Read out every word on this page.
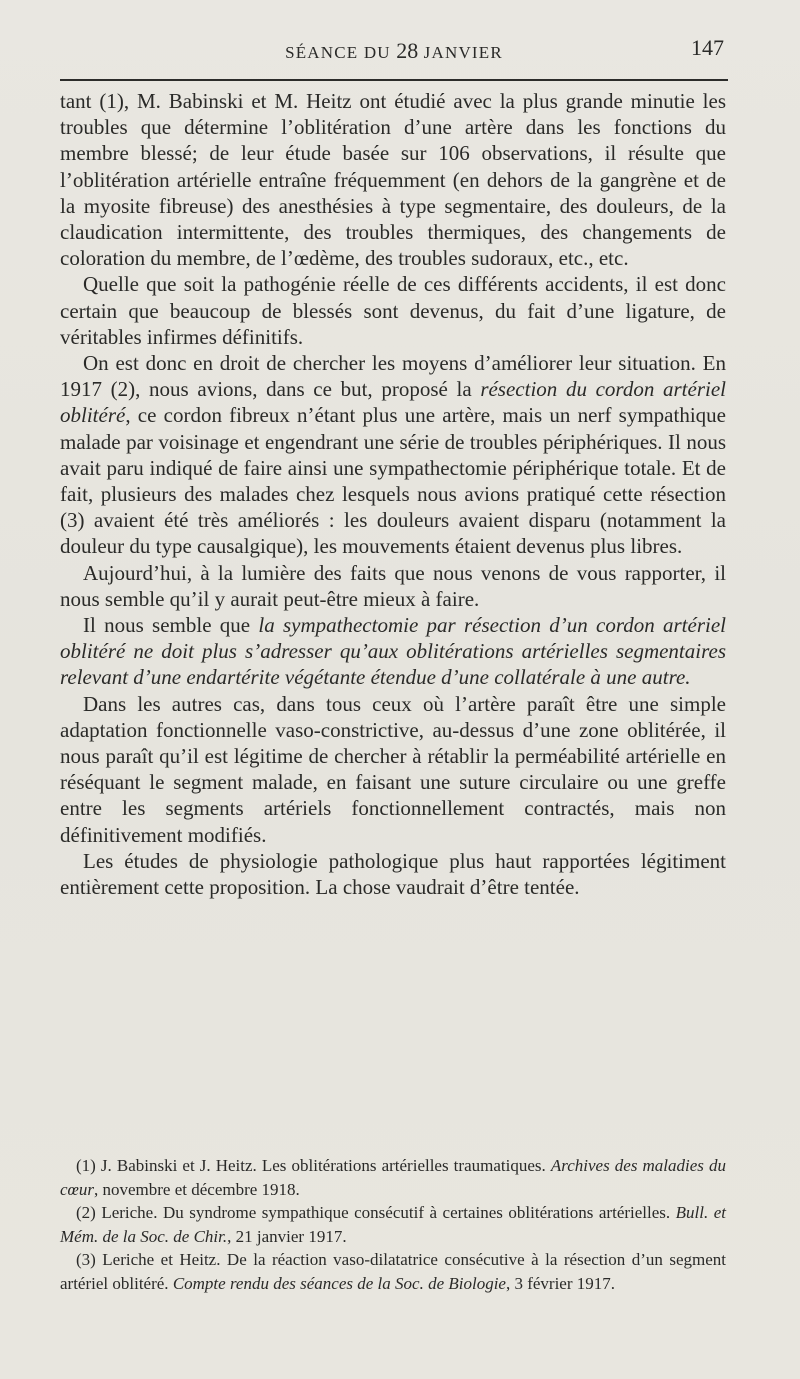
SÉANCE DU 28 JANVIER	147

tant (1), M. Babinski et M. Heitz ont étudié avec la plus grande minutie les troubles que détermine l’oblitération d’une artère dans les fonctions du membre blessé; de leur étude basée sur 106 observations, il résulte que l’oblitération artérielle entraîne fréquemment (en dehors de la gangrène et de la myosite fibreuse) des anesthésies à type segmentaire, des douleurs, de la claudication intermittente, des troubles thermiques, des changements de coloration du membre, de l’œdème, des troubles sudoraux, etc., etc.

Quelle que soit la pathogénie réelle de ces différents accidents, il est donc certain que beaucoup de blessés sont devenus, du fait d’une ligature, de véritables infirmes définitifs.

On est donc en droit de chercher les moyens d’améliorer leur situation. En 1917 (2), nous avions, dans ce but, proposé la résection du cordon artériel oblitéré, ce cordon fibreux n’étant plus une artère, mais un nerf sympathique malade par voisinage et engendrant une série de troubles périphériques. Il nous avait paru indiqué de faire ainsi une sympathectomie périphérique totale. Et de fait, plusieurs des malades chez lesquels nous avions pratiqué cette résection (3) avaient été très améliorés : les douleurs avaient disparu (notamment la douleur du type causalgique), les mouvements étaient devenus plus libres.

Aujourd’hui, à la lumière des faits que nous venons de vous rapporter, il nous semble qu’il y aurait peut-être mieux à faire.

Il nous semble que la sympathectomie par résection d’un cordon artériel oblitéré ne doit plus s’adresser qu’aux oblitérations artérielles segmentaires relevant d’une endartérite végétante étendue d’une collatérale à une autre.

Dans les autres cas, dans tous ceux où l’artère paraît être une simple adaptation fonctionnelle vaso-constrictive, au-dessus d’une zone oblitérée, il nous paraît qu’il est légitime de chercher à rétablir la perméabilité artérielle en réséquant le segment malade, en faisant une suture circulaire ou une greffe entre les segments artériels fonctionnellement contractés, mais non définitivement modifiés.

Les études de physiologie pathologique plus haut rapportées légitiment entièrement cette proposition. La chose vaudrait d’être tentée.

(1) J. Babinski et J. Heitz. Les oblitérations artérielles traumatiques. Archives des maladies du cœur, novembre et décembre 1918.

(2) Leriche. Du syndrome sympathique consécutif à certaines oblitérations artérielles. Bull. et Mém. de la Soc. de Chir., 21 janvier 1917.

(3) Leriche et Heitz. De la réaction vaso-dilatatrice consécutive à la résection d’un segment artériel oblitéré. Compte rendu des séances de la Soc. de Biologie, 3 février 1917.
